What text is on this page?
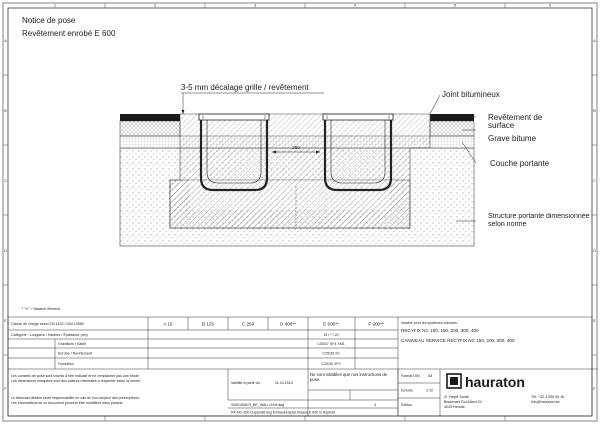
1	2	3	4	5	6
A
B
C
D
E
F
A
B
C
D
E
F
Notice de pose
Revêtement enrobé E 600
250
3-5 mm décalage grille / revêtement
Joint bitumineux
Revêtement de surface
Grave bitume
Couche portante
Structure portante dimensionnée selon norme
* "V" = Hauteur élément
Classe de charge selon EN 1433 / DIN 19580	A 15	B 125	C 250	D 400**	E 600**	F 900**
Catégorie : Longueur / Hauteur / Épaisseur (cm)	15 / * / 20
Gravillons / Sable	C30/37 XF4 XM1
Enrobé / Revêtement	C25/30 X0
Fondation	C25/30 XF0
Valable pour les systèmes suivants :
RECYFIX NC 100, 150, 200, 300, 400
CANIVEAU SERVICE RECYFIX NC 150, 200, 300, 400
Les conseils de pose sont fournis à titre indicatif et ne remplacent pas une étude.
Les dimensions indiquées sont des valeurs minimales à respecter selon la norme.
Le fabricant décline toute responsabilité en cas de non-respect des prescriptions.
Les informations de ce document peuvent être modifiées sans préavis.
Validité à partir du :	11.04.2024
Ne sont valables que nos instructions de pose.
0000165623_BE_WALLO/Nl.dwg	4
RF-NC-300 Doppelstrang Einbaubeispiel Klasse E 600 in Asphalt
Format DIN A4
Echelle	1:10
Edition
hauraton
Zi. Heydt Santé
Boulevard Roi Albert 24
4040 Herstal
Tél: +32 4 256 95 16
info@hauraton.be
